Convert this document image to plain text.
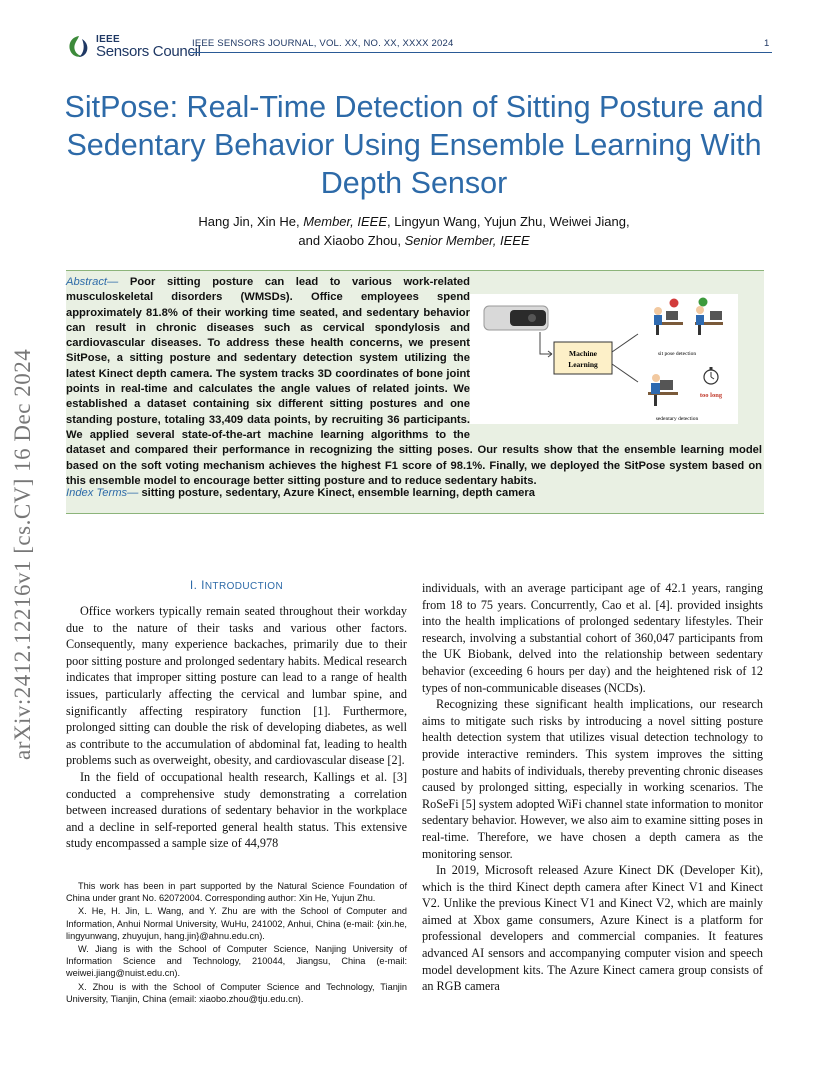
IEEE
Sensors Council
IEEE SENSORS JOURNAL, VOL. XX, NO. XX, XXXX 2024	1
arXiv:2412.12216v1 [cs.CV] 16 Dec 2024
SitPose: Real-Time Detection of Sitting Posture and Sedentary Behavior Using Ensemble Learning With Depth Sensor
Hang Jin, Xin He, Member, IEEE, Lingyun Wang, Yujun Zhu, Weiwei Jiang,
and Xiaobo Zhou, Senior Member, IEEE
Abstract— Poor sitting posture can lead to various work-related musculoskeletal disorders (WMSDs). Office employees spend approximately 81.8% of their working time seated, and sedentary behavior can result in chronic diseases such as cervical spondylosis and cardiovascular diseases. To address these health concerns, we present SitPose, a sitting posture and sedentary detection system utilizing the latest Kinect depth camera. The system tracks 3D coordinates of bone joint points in real-time and calculates the angle values of related joints. We established a dataset containing six different sitting postures and one standing posture, totaling 33,409 data points, by recruiting 36 participants. We applied several state-of-the-art machine learning algorithms to the dataset and compared their performance in recognizing the sitting poses. Our results show that the ensemble learning model based on the soft voting mechanism achieves the highest F1 score of 98.1%. Finally, we deployed the SitPose system based on this ensemble model to encourage better sitting posture and to reduce sedentary habits.
Machine
Learning
sit pose detection
too long
sedentary detection
Index Terms— sitting posture, sedentary, Azure Kinect, ensemble learning, depth camera
I. INTRODUCTION

Office workers typically remain seated throughout their workday due to the nature of their tasks and various other factors. Consequently, many experience backaches, primarily due to their poor sitting posture and prolonged sedentary habits. Medical research indicates that improper sitting posture can lead to a range of health issues, particularly affecting the cervical and lumbar spine, and significantly affecting respiratory function [1]. Furthermore, prolonged sitting can double the risk of developing diabetes, as well as contribute to the accumulation of abdominal fat, leading to health problems such as overweight, obesity, and cardiovascular disease [2].

In the field of occupational health research, Kallings et al. [3] conducted a comprehensive study demonstrating a correlation between increased durations of sedentary behavior in the workplace and a decline in self-reported general health status. This extensive study encompassed a sample size of 44,978

This work has been in part supported by the Natural Science Foundation of China under grant No. 62072004. Corresponding author: Xin He, Yujun Zhu.

X. He, H. Jin, L. Wang, and Y. Zhu are with the School of Computer and Information, Anhui Normal University, WuHu, 241002, Anhui, China (e-mail: {xin.he, lingyunwang, zhuyujun, hang.jin}@ahnu.edu.cn).

W. Jiang is with the School of Computer Science, Nanjing University of Information Science and Technology, 210044, Jiangsu, China (e-mail: weiwei.jiang@nuist.edu.cn).

X. Zhou is with the School of Computer Science and Technology, Tianjin University, Tianjin, China (email: xiaobo.zhou@tju.edu.cn).

individuals, with an average participant age of 42.1 years, ranging from 18 to 75 years. Concurrently, Cao et al. [4]. provided insights into the health implications of prolonged sedentary lifestyles. Their research, involving a substantial cohort of 360,047 participants from the UK Biobank, delved into the relationship between sedentary behavior (exceeding 6 hours per day) and the heightened risk of 12 types of non-communicable diseases (NCDs).

Recognizing these significant health implications, our research aims to mitigate such risks by introducing a novel sitting posture health detection system that utilizes visual detection technology to provide interactive reminders. This system improves the sitting posture and habits of individuals, thereby preventing chronic diseases caused by prolonged sitting, especially in working scenarios. The RoSeFi [5] system adopted WiFi channel state information to monitor sedentary behavior. However, we also aim to examine sitting poses in real-time. Therefore, we have chosen a depth camera as the monitoring sensor.

In 2019, Microsoft released Azure Kinect DK (Developer Kit), which is the third Kinect depth camera after Kinect V1 and Kinect V2. Unlike the previous Kinect V1 and Kinect V2, which are mainly aimed at Xbox game consumers, Azure Kinect is a platform for professional developers and commercial companies. It features advanced AI sensors and accompanying computer vision and speech model development kits. The Azure Kinect camera group consists of an RGB camera
